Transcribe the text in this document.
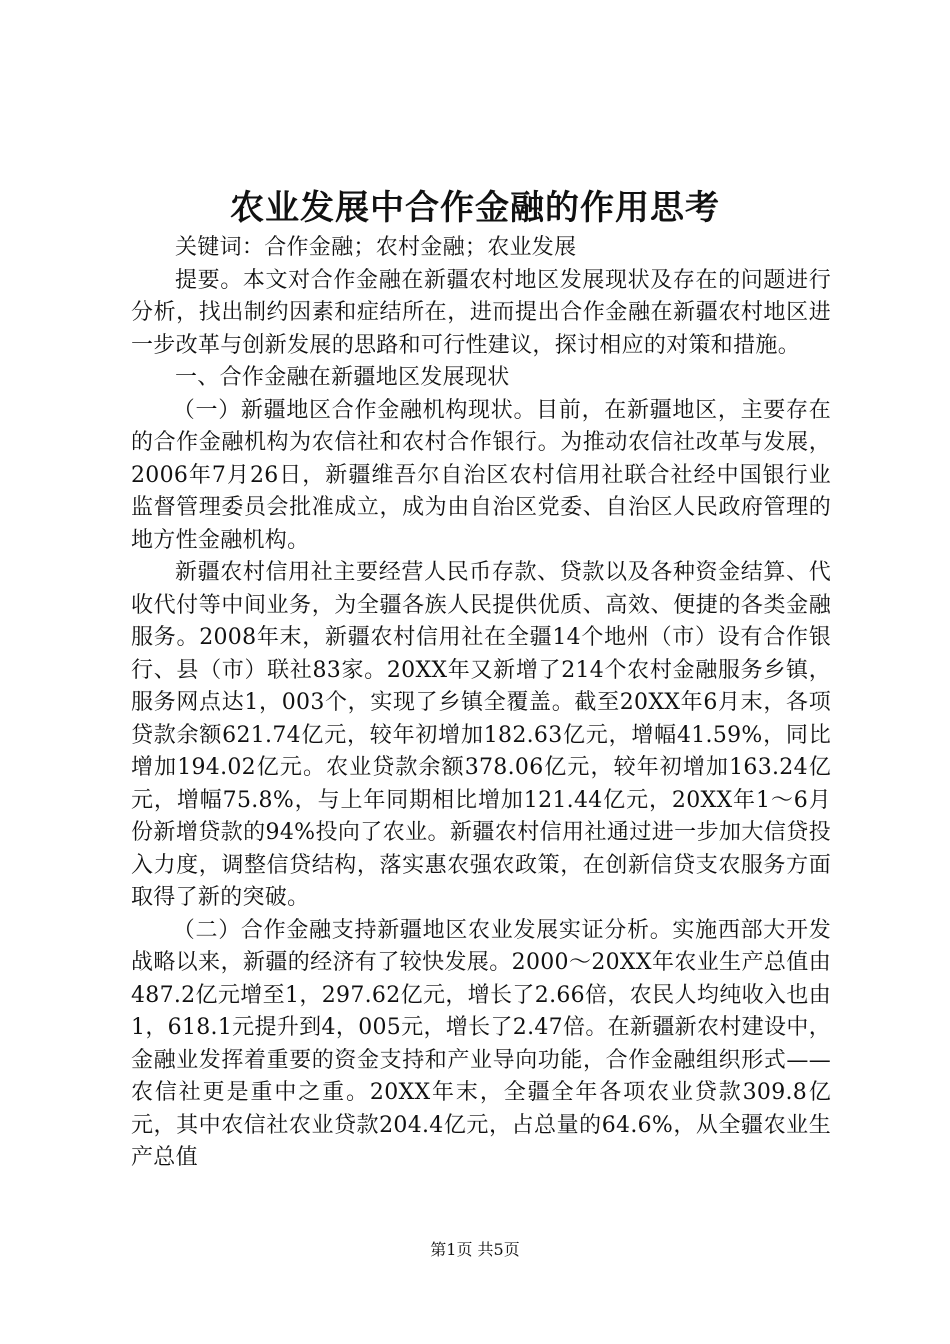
农业发展中合作金融的作用思考

关键词：合作金融；农村金融；农业发展

提要。本文对合作金融在新疆农村地区发展现状及存在的问题进行分析，找出制约因素和症结所在，进而提出合作金融在新疆农村地区进一步改革与创新发展的思路和可行性建议，探讨相应的对策和措施。

一、合作金融在新疆地区发展现状

（一）新疆地区合作金融机构现状。目前，在新疆地区，主要存在的合作金融机构为农信社和农村合作银行。为推动农信社改革与发展，2006年7月26日，新疆维吾尔自治区农村信用社联合社经中国银行业监督管理委员会批准成立，成为由自治区党委、自治区人民政府管理的地方性金融机构。

新疆农村信用社主要经营人民币存款、贷款以及各种资金结算、代收代付等中间业务，为全疆各族人民提供优质、高效、便捷的各类金融服务。2008年末，新疆农村信用社在全疆14个地州（市）设有合作银行、县（市）联社83家。20XX年又新增了214个农村金融服务乡镇，服务网点达1，003个，实现了乡镇全覆盖。截至20XX年6月末，各项贷款余额621.74亿元，较年初增加182.63亿元，增幅41.59%，同比增加194.02亿元。农业贷款余额378.06亿元，较年初增加163.24亿元，增幅75.8%，与上年同期相比增加121.44亿元，20XX年1～6月份新增贷款的94%投向了农业。新疆农村信用社通过进一步加大信贷投入力度，调整信贷结构，落实惠农强农政策，在创新信贷支农服务方面取得了新的突破。

（二）合作金融支持新疆地区农业发展实证分析。实施西部大开发战略以来，新疆的经济有了较快发展。2000～20XX年农业生产总值由487.2亿元增至1，297.62亿元，增长了2.66倍，农民人均纯收入也由1，618.1元提升到4，005元，增长了2.47倍。在新疆新农村建设中，金融业发挥着重要的资金支持和产业导向功能，合作金融组织形式——农信社更是重中之重。20XX年末，全疆全年各项农业贷款309.8亿元，其中农信社农业贷款204.4亿元，占总量的64.6%，从全疆农业生产总值

第1页 共5页
